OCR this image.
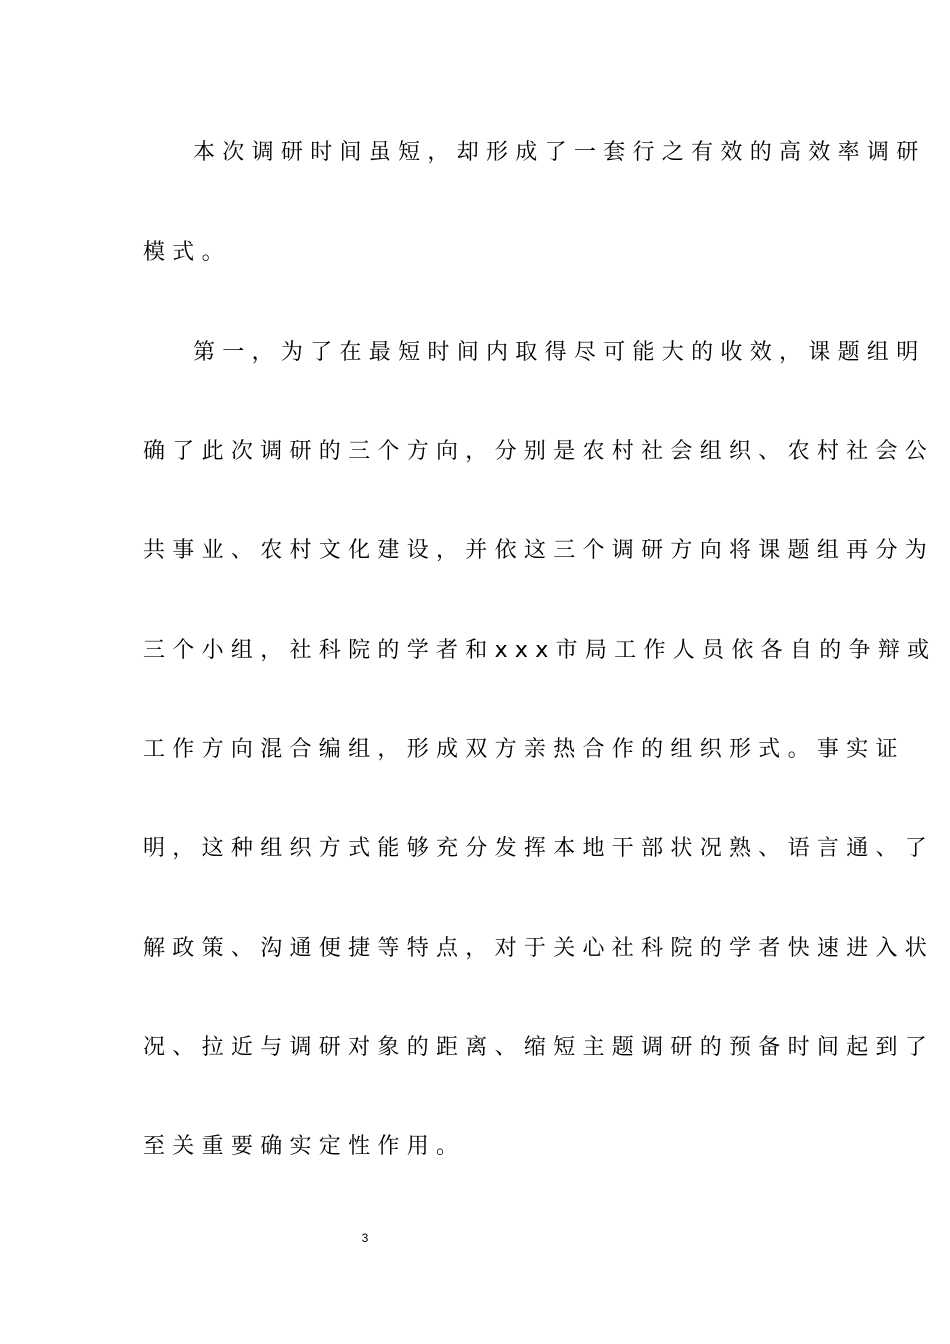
本次调研时间虽短，却形成了一套行之有效的高效率调研
模式。
第一，为了在最短时间内取得尽可能大的收效，课题组明
确了此次调研的三个方向，分别是农村社会组织、农村社会公
共事业、农村文化建设，并依这三个调研方向将课题组再分为
三个小组，社科院的学者和xxx市局工作人员依各自的争辩或
工作方向混合编组，形成双方亲热合作的组织形式。事实证
明，这种组织方式能够充分发挥本地干部状况熟、语言通、了
解政策、沟通便捷等特点，对于关心社科院的学者快速进入状
况、拉近与调研对象的距离、缩短主题调研的预备时间起到了
至关重要确实定性作用。
3
